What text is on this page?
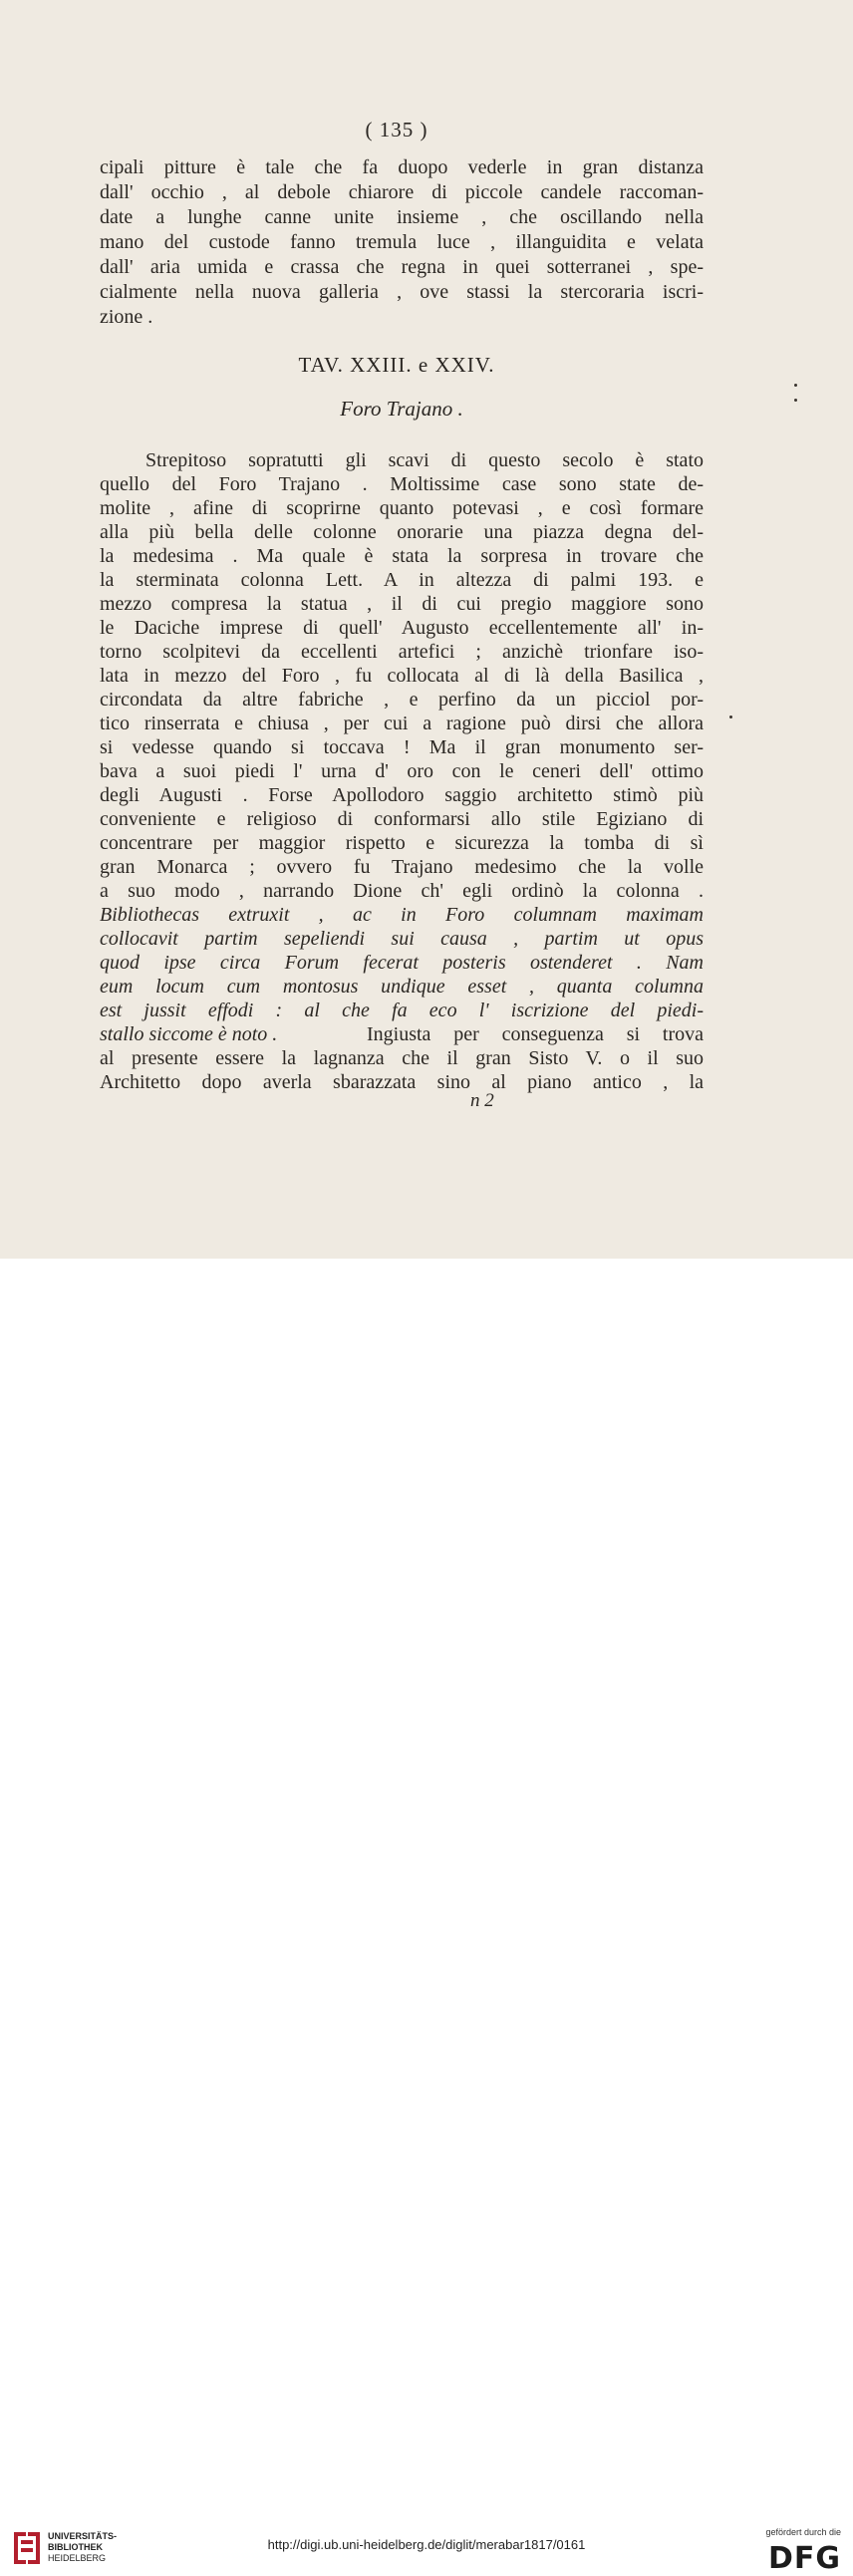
( 135 )
cipali pitture è tale che fa duopo vederle in gran distanza
dall' occhio , al debole chiarore di piccole candele raccoman-
date a lunghe canne unite insieme , che oscillando nella
mano del custode fanno tremula luce , illanguidita e velata
dall' aria umida e crassa che regna in quei sotterranei , spe-
cialmente nella nuova galleria , ove stassi la stercoraria iscri-
zione .
TAV. XXIII. e XXIV.
Foro Trajano .
Strepitoso sopratutti gli scavi di questo secolo è stato
quello del Foro Trajano . Moltissime case sono state de-
molite , afine di scoprirne quanto potevasi , e così formare
alla più bella delle colonne onorarie una piazza degna del-
la medesima . Ma quale è stata la sorpresa in trovare che
la sterminata colonna Lett. A in altezza di palmi 193. e
mezzo compresa la statua , il di cui pregio maggiore sono
le Daciche imprese di quell' Augusto eccellentemente all' in-
torno scolpitevi da eccellenti artefici ; anzichè trionfare iso-
lata in mezzo del Foro , fu collocata al di là della Basilica ,
circondata da altre fabriche , e perfino da un picciol por-
tico rinserrata e chiusa , per cui a ragione può dirsi che allora
si vedesse quando si toccava ! Ma il gran monumento ser-
bava a suoi piedi l' urna d' oro con le ceneri dell' ottimo
degli Augusti . Forse Apollodoro saggio architetto stimò più
conveniente e religioso di conformarsi allo stile Egiziano di
concentrare per maggior rispetto e sicurezza la tomba di sì
gran Monarca ; ovvero fu Trajano medesimo che la volle
a suo modo , narrando Dione ch' egli ordinò la colonna .
Bibliothecas extruxit , ac in Foro columnam maximam
collocavit partim sepeliendi sui causa , partim ut opus
quod ipse circa Forum fecerat posteris ostenderet . Nam
eum locum cum montosus undique esset , quanta columna
est jussit effodi : al che fa eco l' iscrizione del piedi-
stallo siccome è noto .	Ingiusta per conseguenza si trova
al presente essere la lagnanza che il gran Sisto V. o il suo
Architetto dopo averla sbarazzata sino al piano antico , la
n 2
UNIVERSITÄTS-
BIBLIOTHEK
HEIDELBERG
http://digi.ub.uni-heidelberg.de/diglit/merabar1817/0161
gefördert durch die
DFG
